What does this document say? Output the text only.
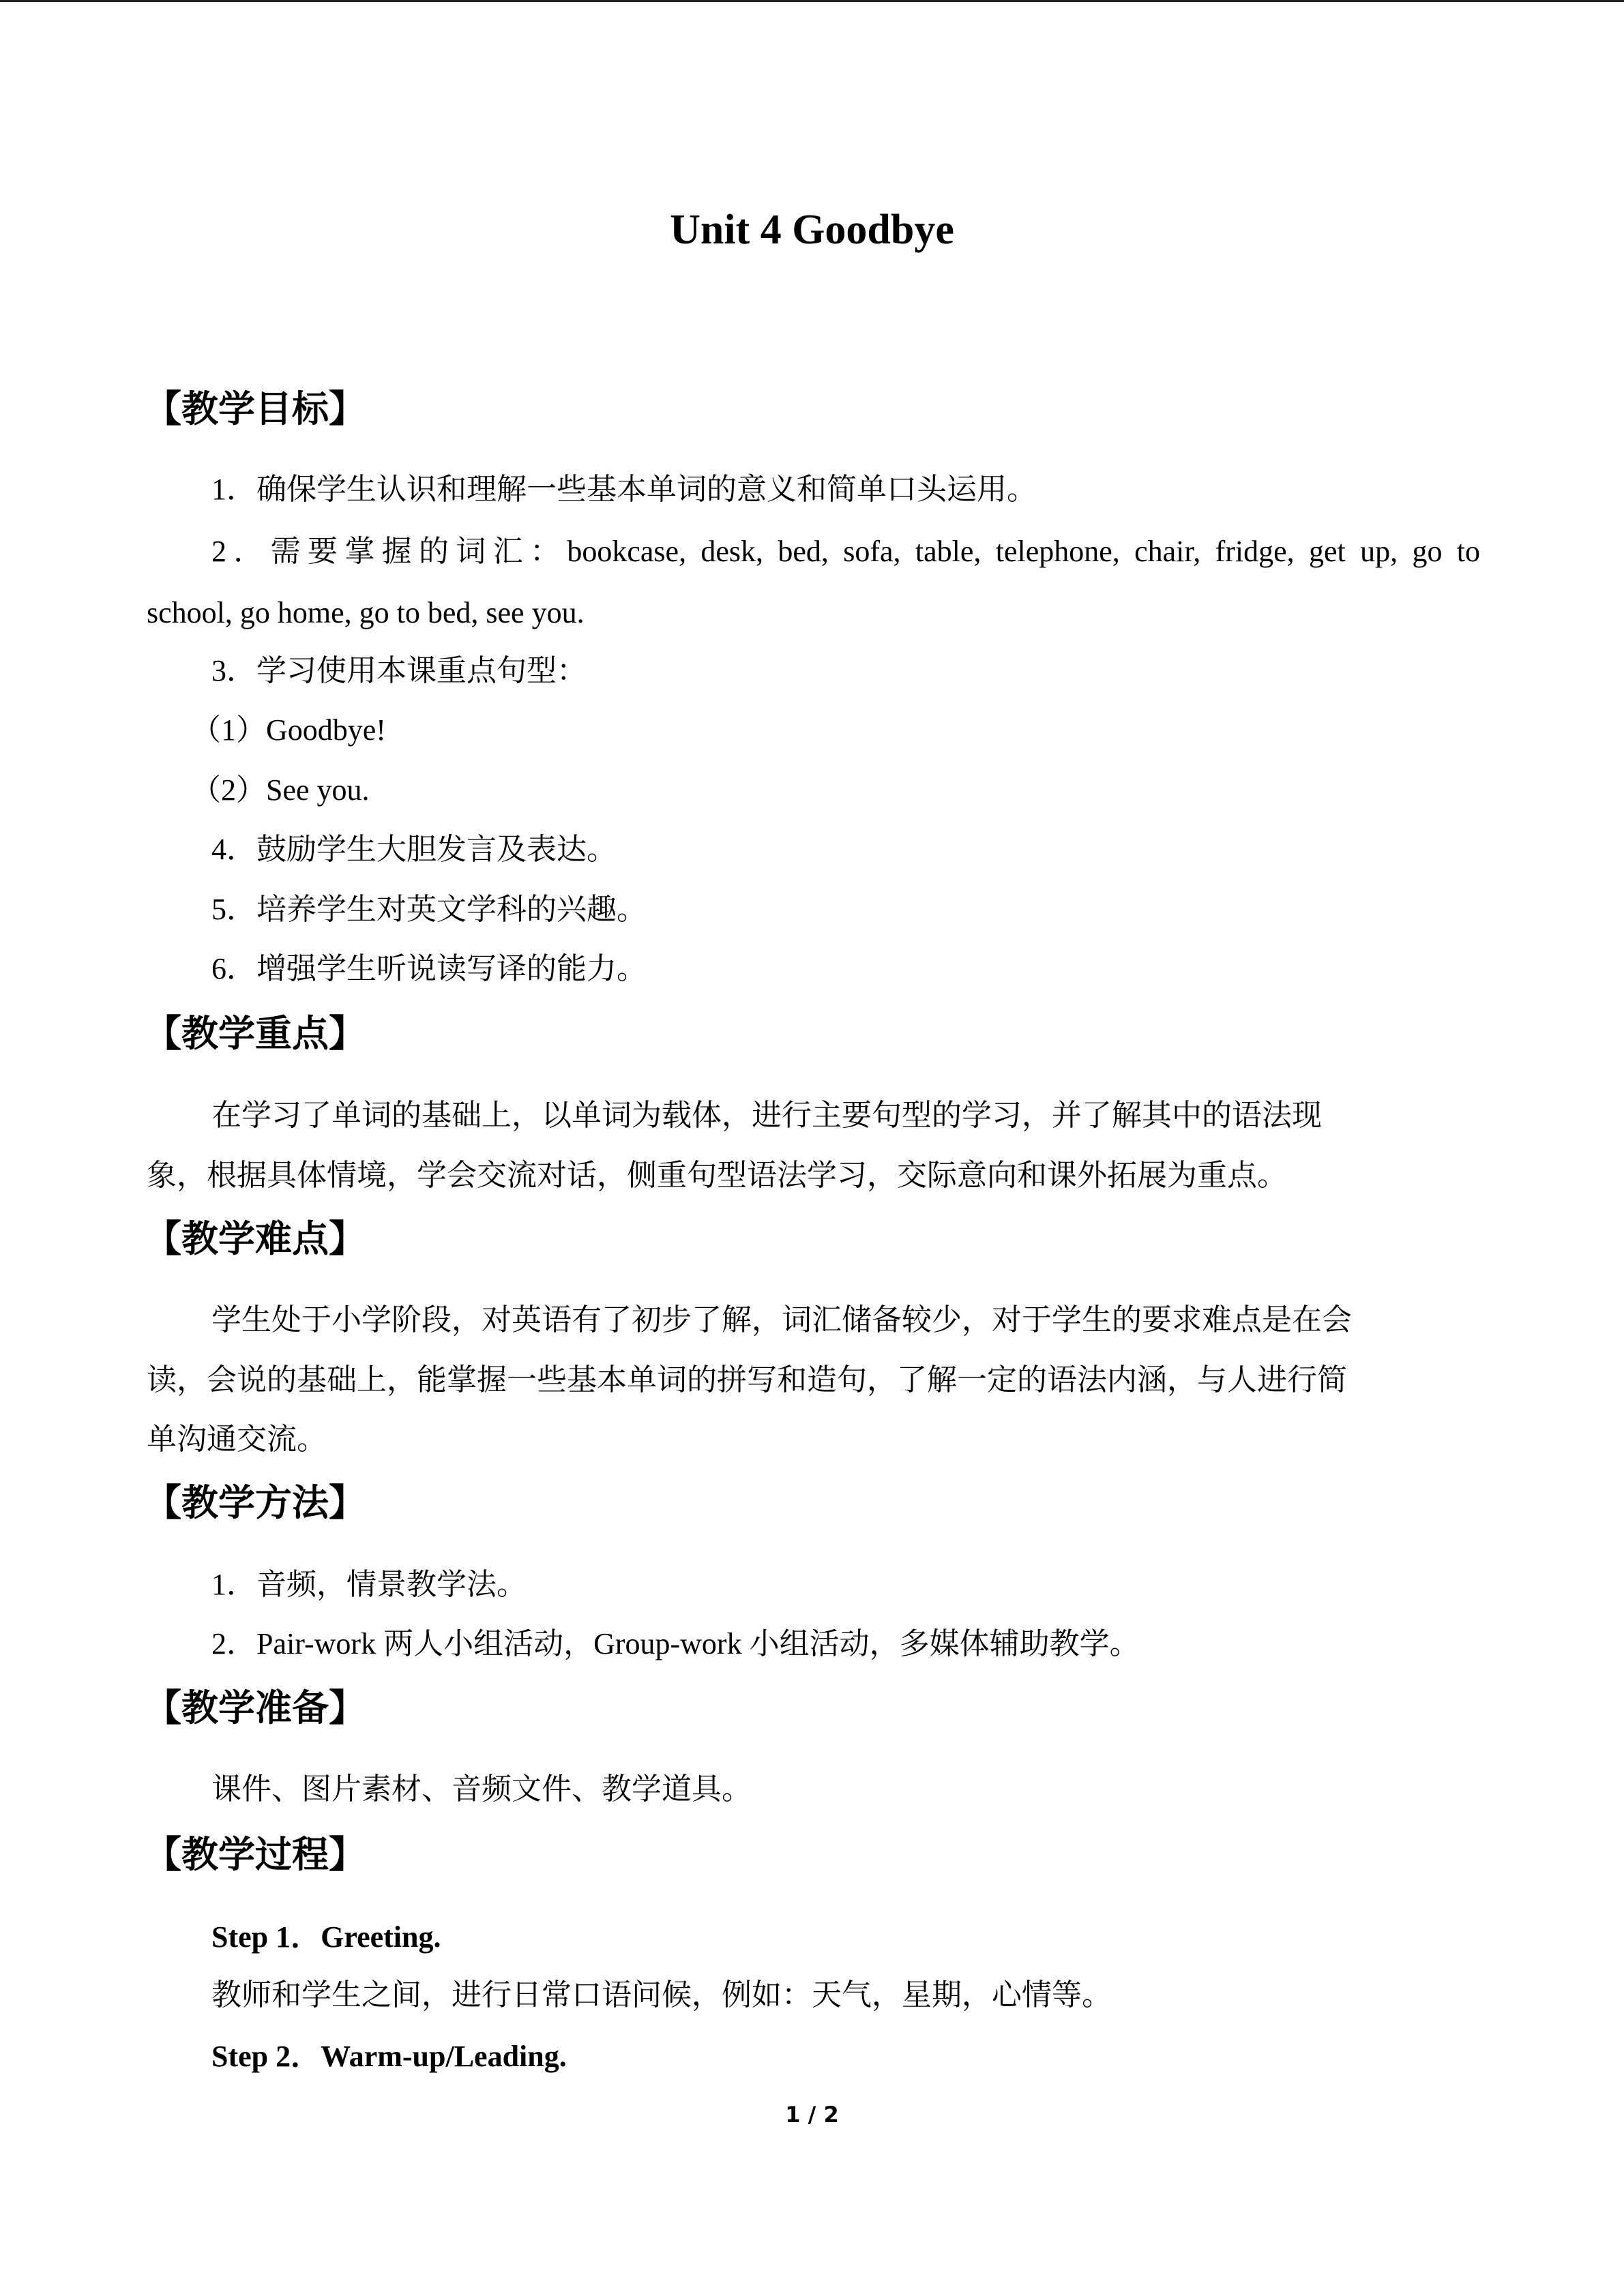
Unit 4 Goodbye
【教学目标】
1．确保学生认识和理解一些基本单词的意义和简单口头运用。
2．需要掌握的词汇：bookcase, desk, bed, sofa, table, telephone, chair, fridge, get up, go to
school, go home, go to bed, see you.
3．学习使用本课重点句型：
（1）Goodbye!
（2）See you.
4．鼓励学生大胆发言及表达。
5．培养学生对英文学科的兴趣。
6．增强学生听说读写译的能力。
【教学重点】
在学习了单词的基础上，以单词为载体，进行主要句型的学习，并了解其中的语法现
象，根据具体情境，学会交流对话，侧重句型语法学习，交际意向和课外拓展为重点。
【教学难点】
学生处于小学阶段，对英语有了初步了解，词汇储备较少，对于学生的要求难点是在会
读，会说的基础上，能掌握一些基本单词的拼写和造句，了解一定的语法内涵，与人进行简
单沟通交流。
【教学方法】
1．音频，情景教学法。
2．Pair-work 两人小组活动，Group-work 小组活动，多媒体辅助教学。
【教学准备】
课件、图片素材、音频文件、教学道具。
【教学过程】
Step 1．Greeting.
教师和学生之间，进行日常口语问候，例如：天气，星期，心情等。
Step 2．Warm-up/Leading.
1 / 2
